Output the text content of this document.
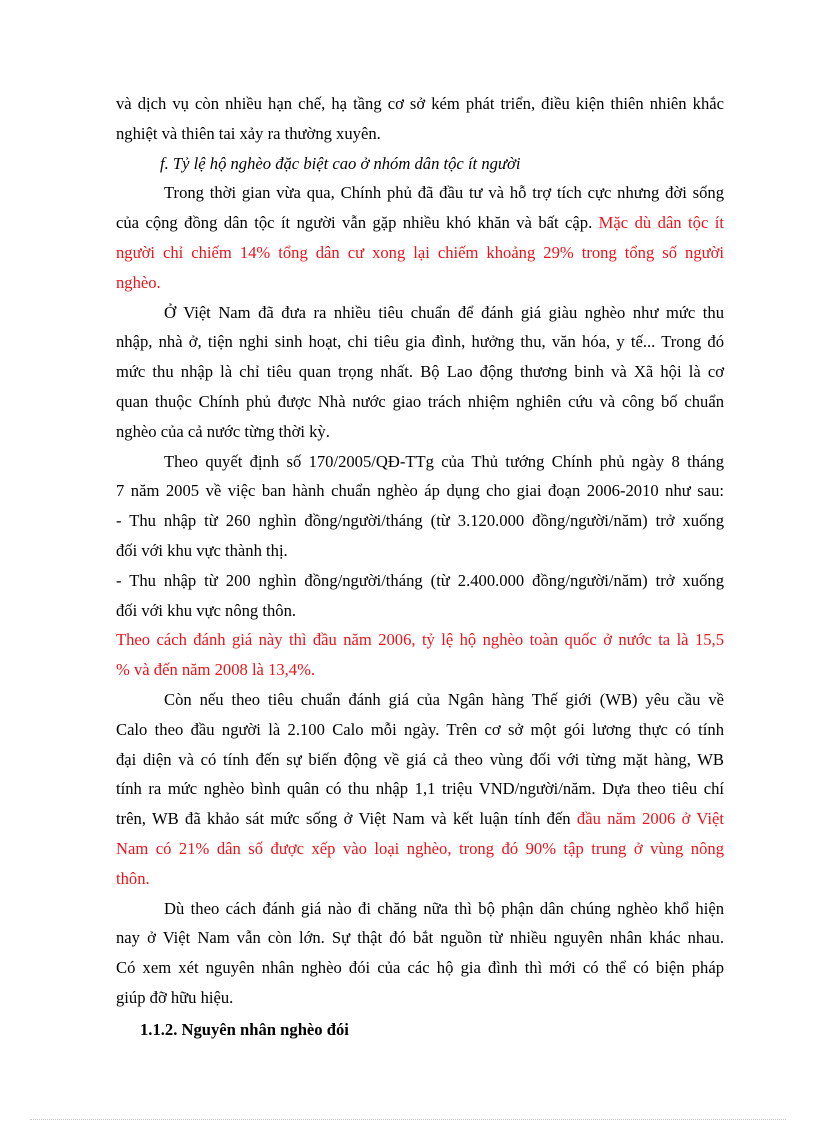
và dịch vụ còn nhiều hạn chế, hạ tầng cơ sở kém phát triển, điều kiện thiên nhiên khắc
nghiệt và thiên tai xảy ra thường xuyên.
f. Tỷ lệ hộ nghèo đặc biệt cao ở nhóm dân tộc ít người
Trong thời gian vừa qua, Chính phủ đã đầu tư và hỗ trợ tích cực nhưng đời sống
của cộng đồng dân tộc ít người vẫn gặp nhiều khó khăn và bất cập. Mặc dù dân tộc ít
người chỉ chiếm 14% tổng dân cư xong lại chiếm khoảng 29% trong tổng số người
nghèo.
Ở Việt Nam đã đưa ra nhiều tiêu chuẩn để đánh giá giàu nghèo như mức thu
nhập, nhà ở, tiện nghi sinh hoạt, chi tiêu gia đình, hưởng thu, văn hóa, y tế... Trong đó
mức thu nhập là chỉ tiêu quan trọng nhất. Bộ Lao động thương binh và Xã hội là cơ
quan thuộc Chính phủ được Nhà nước giao trách nhiệm nghiên cứu và công bố chuẩn
nghèo của cả nước từng thời kỳ.
Theo quyết định số 170/2005/QĐ-TTg của Thủ tướng Chính phủ ngày 8 tháng
7 năm 2005 về việc ban hành chuẩn nghèo áp dụng cho giai đoạn 2006-2010 như sau:
- Thu nhập từ 260 nghìn đồng/người/tháng (từ 3.120.000 đồng/người/năm) trở xuống
đối với khu vực thành thị.
- Thu nhập từ 200 nghìn đồng/người/tháng (từ 2.400.000 đồng/người/năm) trở xuống
đối với khu vực nông thôn.
Theo cách đánh giá này thì đầu năm 2006, tỷ lệ hộ nghèo toàn quốc ở nước ta là 15,5
% và đến năm 2008 là 13,4%.
Còn nếu theo tiêu chuẩn đánh giá của Ngân hàng Thế giới (WB) yêu cầu về
Calo theo đầu người là 2.100 Calo mỗi ngày. Trên cơ sở một gói lương thực có tính
đại diện và có tính đến sự biến động về giá cả theo vùng đối với từng mặt hàng, WB
tính ra mức nghèo bình quân có thu nhập 1,1 triệu VND/người/năm. Dựa theo tiêu chí
trên, WB đã khảo sát mức sống ở Việt Nam và kết luận tính đến đầu năm 2006 ở Việt
Nam có 21% dân số được xếp vào loại nghèo, trong đó 90% tập trung ở vùng nông
thôn.
Dù theo cách đánh giá nào đi chăng nữa thì bộ phận dân chúng nghèo khổ hiện
nay ở Việt Nam vẫn còn lớn. Sự thật đó bắt nguồn từ nhiều nguyên nhân khác nhau.
Có xem xét nguyên nhân nghèo đói của các hộ gia đình thì mới có thể có biện pháp
giúp đỡ hữu hiệu.
1.1.2. Nguyên nhân nghèo đói
